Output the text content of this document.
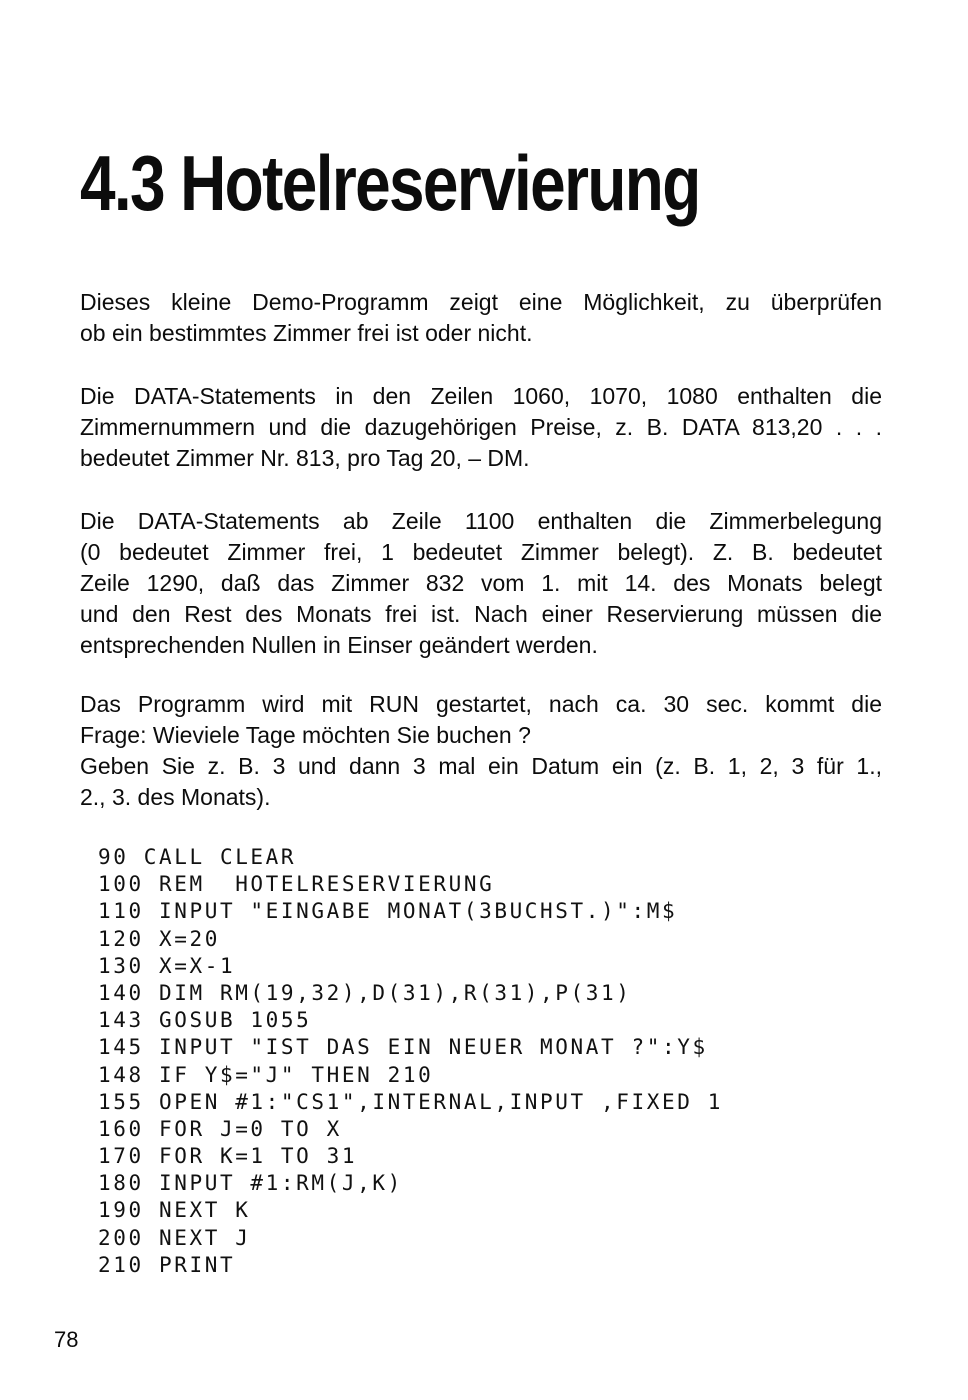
4.3 Hotelreservierung

Dieses kleine Demo-Programm zeigt eine Möglichkeit, zu überprüfen
ob ein bestimmtes Zimmer frei ist oder nicht.

Die DATA-Statements in den Zeilen 1060, 1070, 1080 enthalten die
Zimmernummern und die dazugehörigen Preise, z. B. DATA 813,20 . . .
bedeutet Zimmer Nr. 813, pro Tag 20, – DM.

Die DATA-Statements ab Zeile 1100 enthalten die Zimmerbelegung
(0 bedeutet Zimmer frei, 1 bedeutet Zimmer belegt). Z. B. bedeutet
Zeile 1290, daß das Zimmer 832 vom 1. mit 14. des Monats belegt
und den Rest des Monats frei ist. Nach einer Reservierung müssen die
entsprechenden Nullen in Einser geändert werden.

Das Programm wird mit RUN gestartet, nach ca. 30 sec. kommt die
Frage: Wieviele Tage möchten Sie buchen ?
Geben Sie z. B. 3 und dann 3 mal ein Datum ein (z. B. 1, 2, 3 für 1.,
2., 3. des Monats).

90 CALL CLEAR
100 REM  HOTELRESERVIERUNG
110 INPUT "EINGABE MONAT(3BUCHST.)":M$
120 X=20
130 X=X-1
140 DIM RM(19,32),D(31),R(31),P(31)
143 GOSUB 1055
145 INPUT "IST DAS EIN NEUER MONAT ?":Y$
148 IF Y$="J" THEN 210
155 OPEN #1:"CS1",INTERNAL,INPUT ,FIXED 1
160 FOR J=0 TO X
170 FOR K=1 TO 31
180 INPUT #1:RM(J,K)
190 NEXT K
200 NEXT J
210 PRINT
78
